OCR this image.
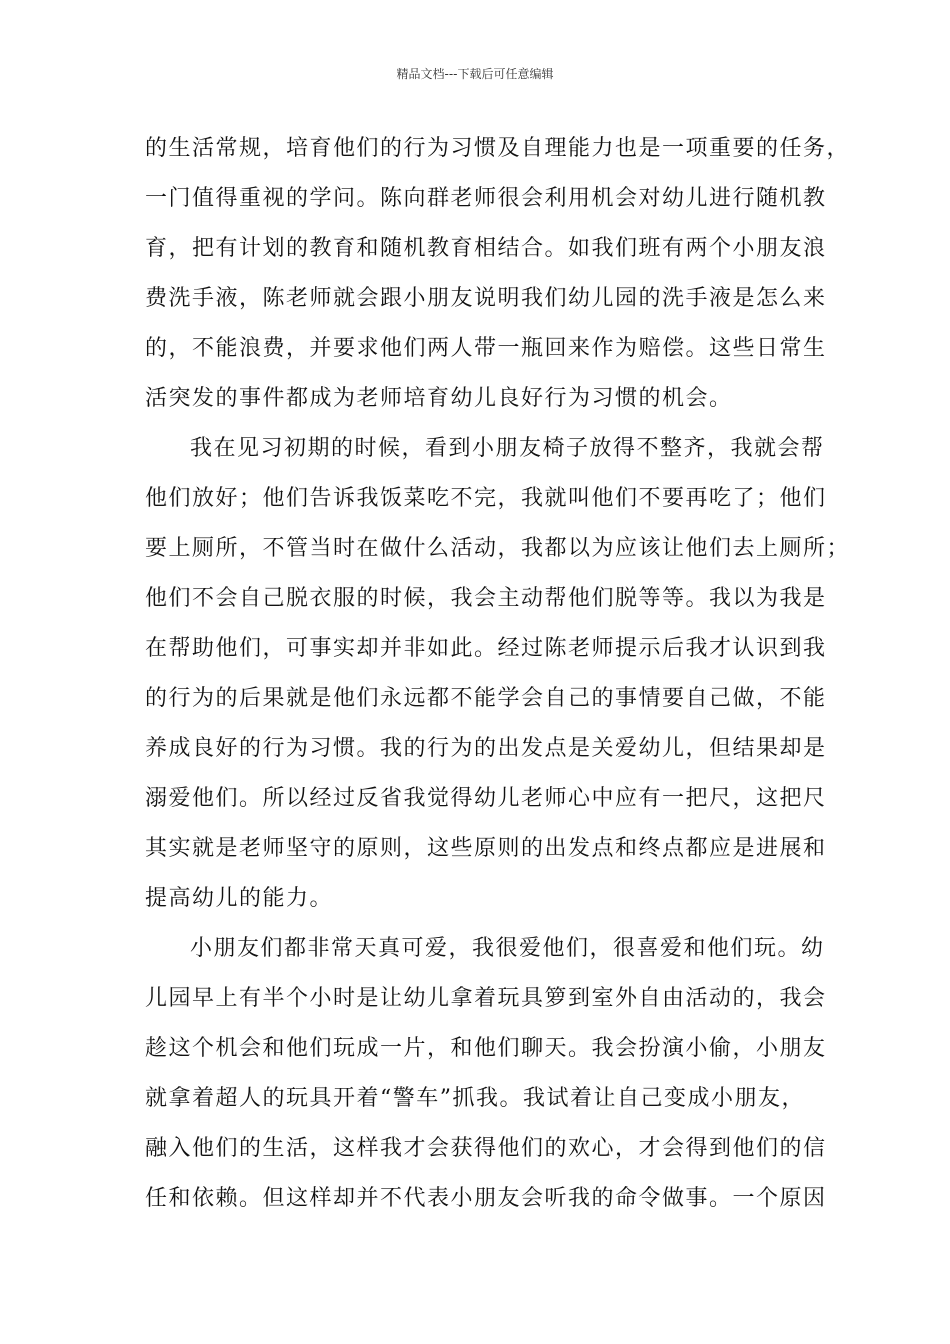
精品文档---下载后可任意编辑
的生活常规，培育他们的行为习惯及自理能力也是一项重要的任务，
一门值得重视的学问。陈向群老师很会利用机会对幼儿进行随机教
育，把有计划的教育和随机教育相结合。如我们班有两个小朋友浪
费洗手液，陈老师就会跟小朋友说明我们幼儿园的洗手液是怎么来
的，不能浪费，并要求他们两人带一瓶回来作为赔偿。这些日常生
活突发的事件都成为老师培育幼儿良好行为习惯的机会。
我在见习初期的时候，看到小朋友椅子放得不整齐，我就会帮
他们放好；他们告诉我饭菜吃不完，我就叫他们不要再吃了；他们
要上厕所，不管当时在做什么活动，我都以为应该让他们去上厕所；
他们不会自己脱衣服的时候，我会主动帮他们脱等等。我以为我是
在帮助他们，可事实却并非如此。经过陈老师提示后我才认识到我
的行为的后果就是他们永远都不能学会自己的事情要自己做，不能
养成良好的行为习惯。我的行为的出发点是关爱幼儿，但结果却是
溺爱他们。所以经过反省我觉得幼儿老师心中应有一把尺，这把尺
其实就是老师坚守的原则，这些原则的出发点和终点都应是进展和
提高幼儿的能力。
小朋友们都非常天真可爱，我很爱他们，很喜爱和他们玩。幼
儿园早上有半个小时是让幼儿拿着玩具箩到室外自由活动的，我会
趁这个机会和他们玩成一片，和他们聊天。我会扮演小偷，小朋友
就拿着超人的玩具开着“警车”抓我。我试着让自己变成小朋友，
融入他们的生活，这样我才会获得他们的欢心，才会得到他们的信
任和依赖。但这样却并不代表小朋友会听我的命令做事。一个原因
